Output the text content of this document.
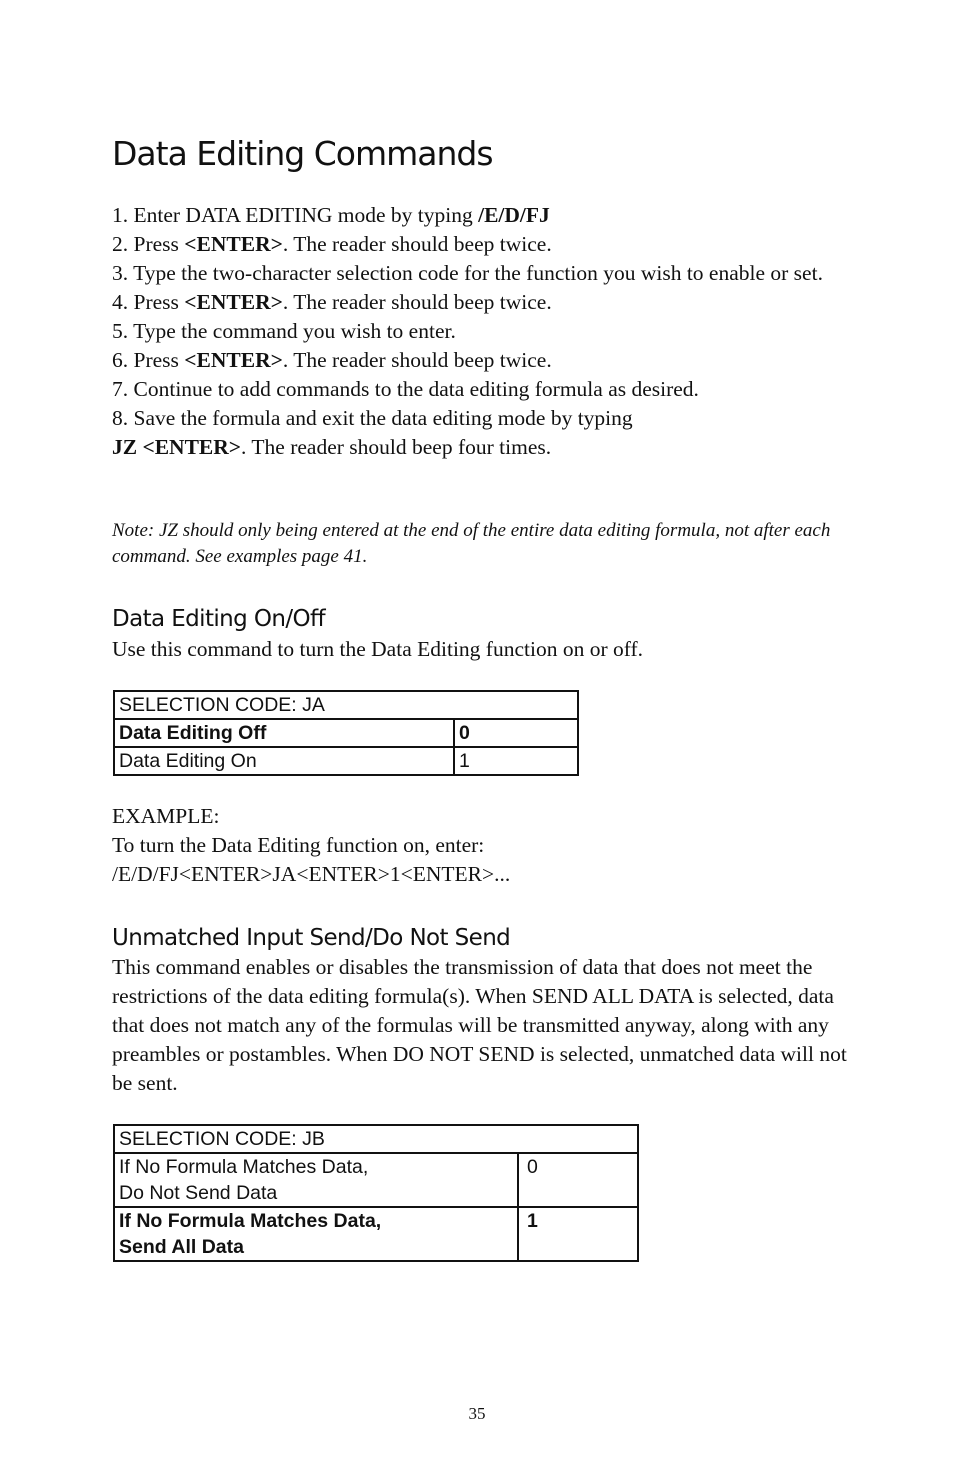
Data Editing Commands

1. Enter DATA EDITING mode by typing /E/D/FJ

2. Press <ENTER>. The reader should beep twice.

3. Type the two-character selection code for the function you wish to enable or set.

4. Press <ENTER>. The reader should beep twice.

5. Type the command you wish to enter.

6. Press <ENTER>. The reader should beep twice.

7. Continue to add commands to the data editing formula as desired.

8. Save the formula and exit the data editing mode by typing

JZ <ENTER>. The reader should beep four times.

Note: JZ should only being entered at the end of the entire data editing formula, not after each command. See examples page 41.

Data Editing On/Off

Use this command to turn the Data Editing function on or off.

SELECTION CODE: JA	
Data Editing Off	0
Data Editing On	1

EXAMPLE:

To turn the Data Editing function on, enter:

/E/D/FJ<ENTER>JA<ENTER>1<ENTER>...

Unmatched Input Send/Do Not Send

This command enables or disables the transmission of data that does not meet the restrictions of the data editing formula(s). When SEND ALL DATA is selected, data that does not match any of the formulas will be transmitted anyway, along with any preambles or postambles. When DO NOT SEND is selected, unmatched data will not be sent.

SELECTION CODE: JB	

If No Formula Matches Data,
Do Not Send Data	0

If No Formula Matches Data,
Send All Data	1
35
